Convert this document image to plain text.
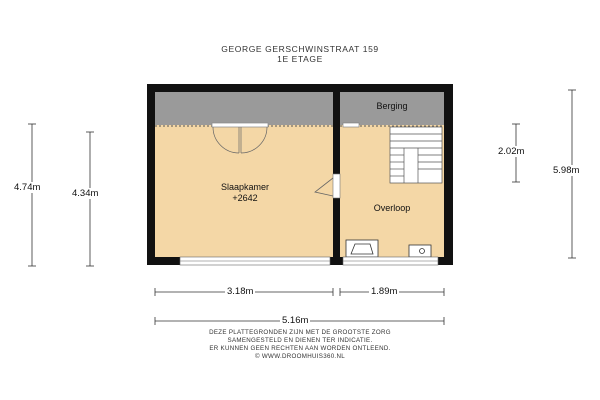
GEORGE GERSCHWINSTRAAT 159
1E ETAGE
Slaapkamer
+2642
Berging
Overloop
4.74m
4.34m
2.02m
5.98m
3.18m	1.89m
5.16m
DEZE PLATTEGRONDEN ZIJN MET DE GROOTSTE ZORG
SAMENGESTELD EN DIENEN TER INDICATIE.
ER KUNNEN GEEN RECHTEN AAN WORDEN ONTLEEND.
© WWW.DROOMHUIS360.NL
